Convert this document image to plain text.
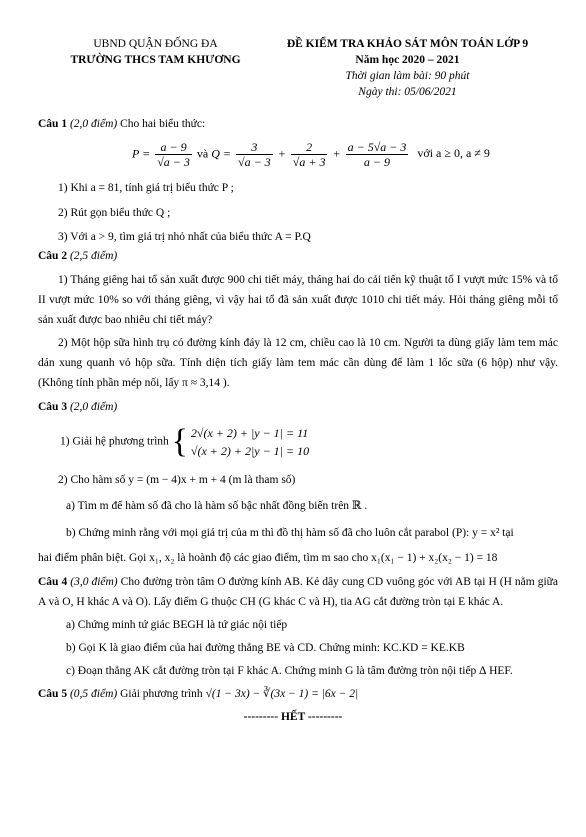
UBND QUẬN ĐỐNG ĐA
TRƯỜNG THCS TAM KHƯƠNG
ĐỀ KIỂM TRA KHẢO SÁT MÔN TOÁN LỚP 9
Năm học 2020 – 2021
Thời gian làm bài: 90 phút
Ngày thi: 05/06/2021
Câu 1 (2,0 điểm) Cho hai biểu thức:
$P = \frac{a - 9}{√a - 3}$ và $Q = \frac{3}{√a - 3} + \frac{2}{√a + 3} + \frac{a - 5√a - 3}{a - 9}$ với a ≥ 0, a ≠ 9
1) Khi a = 81, tính giá trị biểu thức P ;
2) Rút gọn biểu thức Q ;
3) Với a > 9, tìm giá trị nhỏ nhất của biểu thức A = P.Q
Câu 2 (2,5 điểm)
1) Tháng giêng hai tổ sản xuất được 900 chi tiết máy, tháng hai do cải tiến kỹ thuật tổ I vượt mức 15% và tổ II vượt mức 10% so với tháng giêng, vì vậy hai tổ đã sản xuất được 1010 chi tiết máy. Hỏi tháng giêng mỗi tổ sản xuất được bao nhiêu chi tiết máy?
2) Một hộp sữa hình trụ có đường kính đáy là 12 cm, chiều cao là 10 cm. Người ta dùng giấy làm tem mác dán xung quanh vỏ hộp sữa. Tính diện tích giấy làm tem mác cần dùng để làm 1 lốc sữa (6 hộp) như vậy. (Không tính phần mép nối, lấy π ≈ 3,14 ).
Câu 3 (2,0 điểm)
1) Giải hệ phương trình { 2√(x + 2) + |y − 1| = 11
√(x + 2) + 2|y − 1| = 10
2) Cho hàm số y = (m − 4)x + m + 4 (m là tham số)
a) Tìm m để hàm số đã cho là hàm số bậc nhất đồng biến trên ℝ .
b) Chứng minh rằng với mọi giá trị của m thì đồ thị hàm số đã cho luôn cắt parabol (P): y = x² tại
hai điểm phân biệt. Gọi x₁, x₂ là hoành độ các giao điểm, tìm m sao cho x₁(x₁ − 1) + x₂(x₂ − 1) = 18
Câu 4 (3,0 điểm) Cho đường tròn tâm O đường kính AB. Kẻ dây cung CD vuông góc với AB tại H (H nằm giữa A và O, H khác A và O). Lấy điểm G thuộc CH (G khác C và H), tia AG cắt đường tròn tại E khác A.
a) Chứng minh tứ giác BEGH là tứ giác nội tiếp
b) Gọi K là giao điểm của hai đường thẳng BE và CD. Chứng minh: KC.KD = KE.KB
c) Đoạn thẳng AK cắt đường tròn tại F khác A. Chứng minh G là tâm đường tròn nội tiếp ∆ HEF.
Câu 5 (0,5 điểm) Giải phương trình √(1 − 3x) − ∛(3x − 1) = |6x − 2|
--------- HẾT ---------
